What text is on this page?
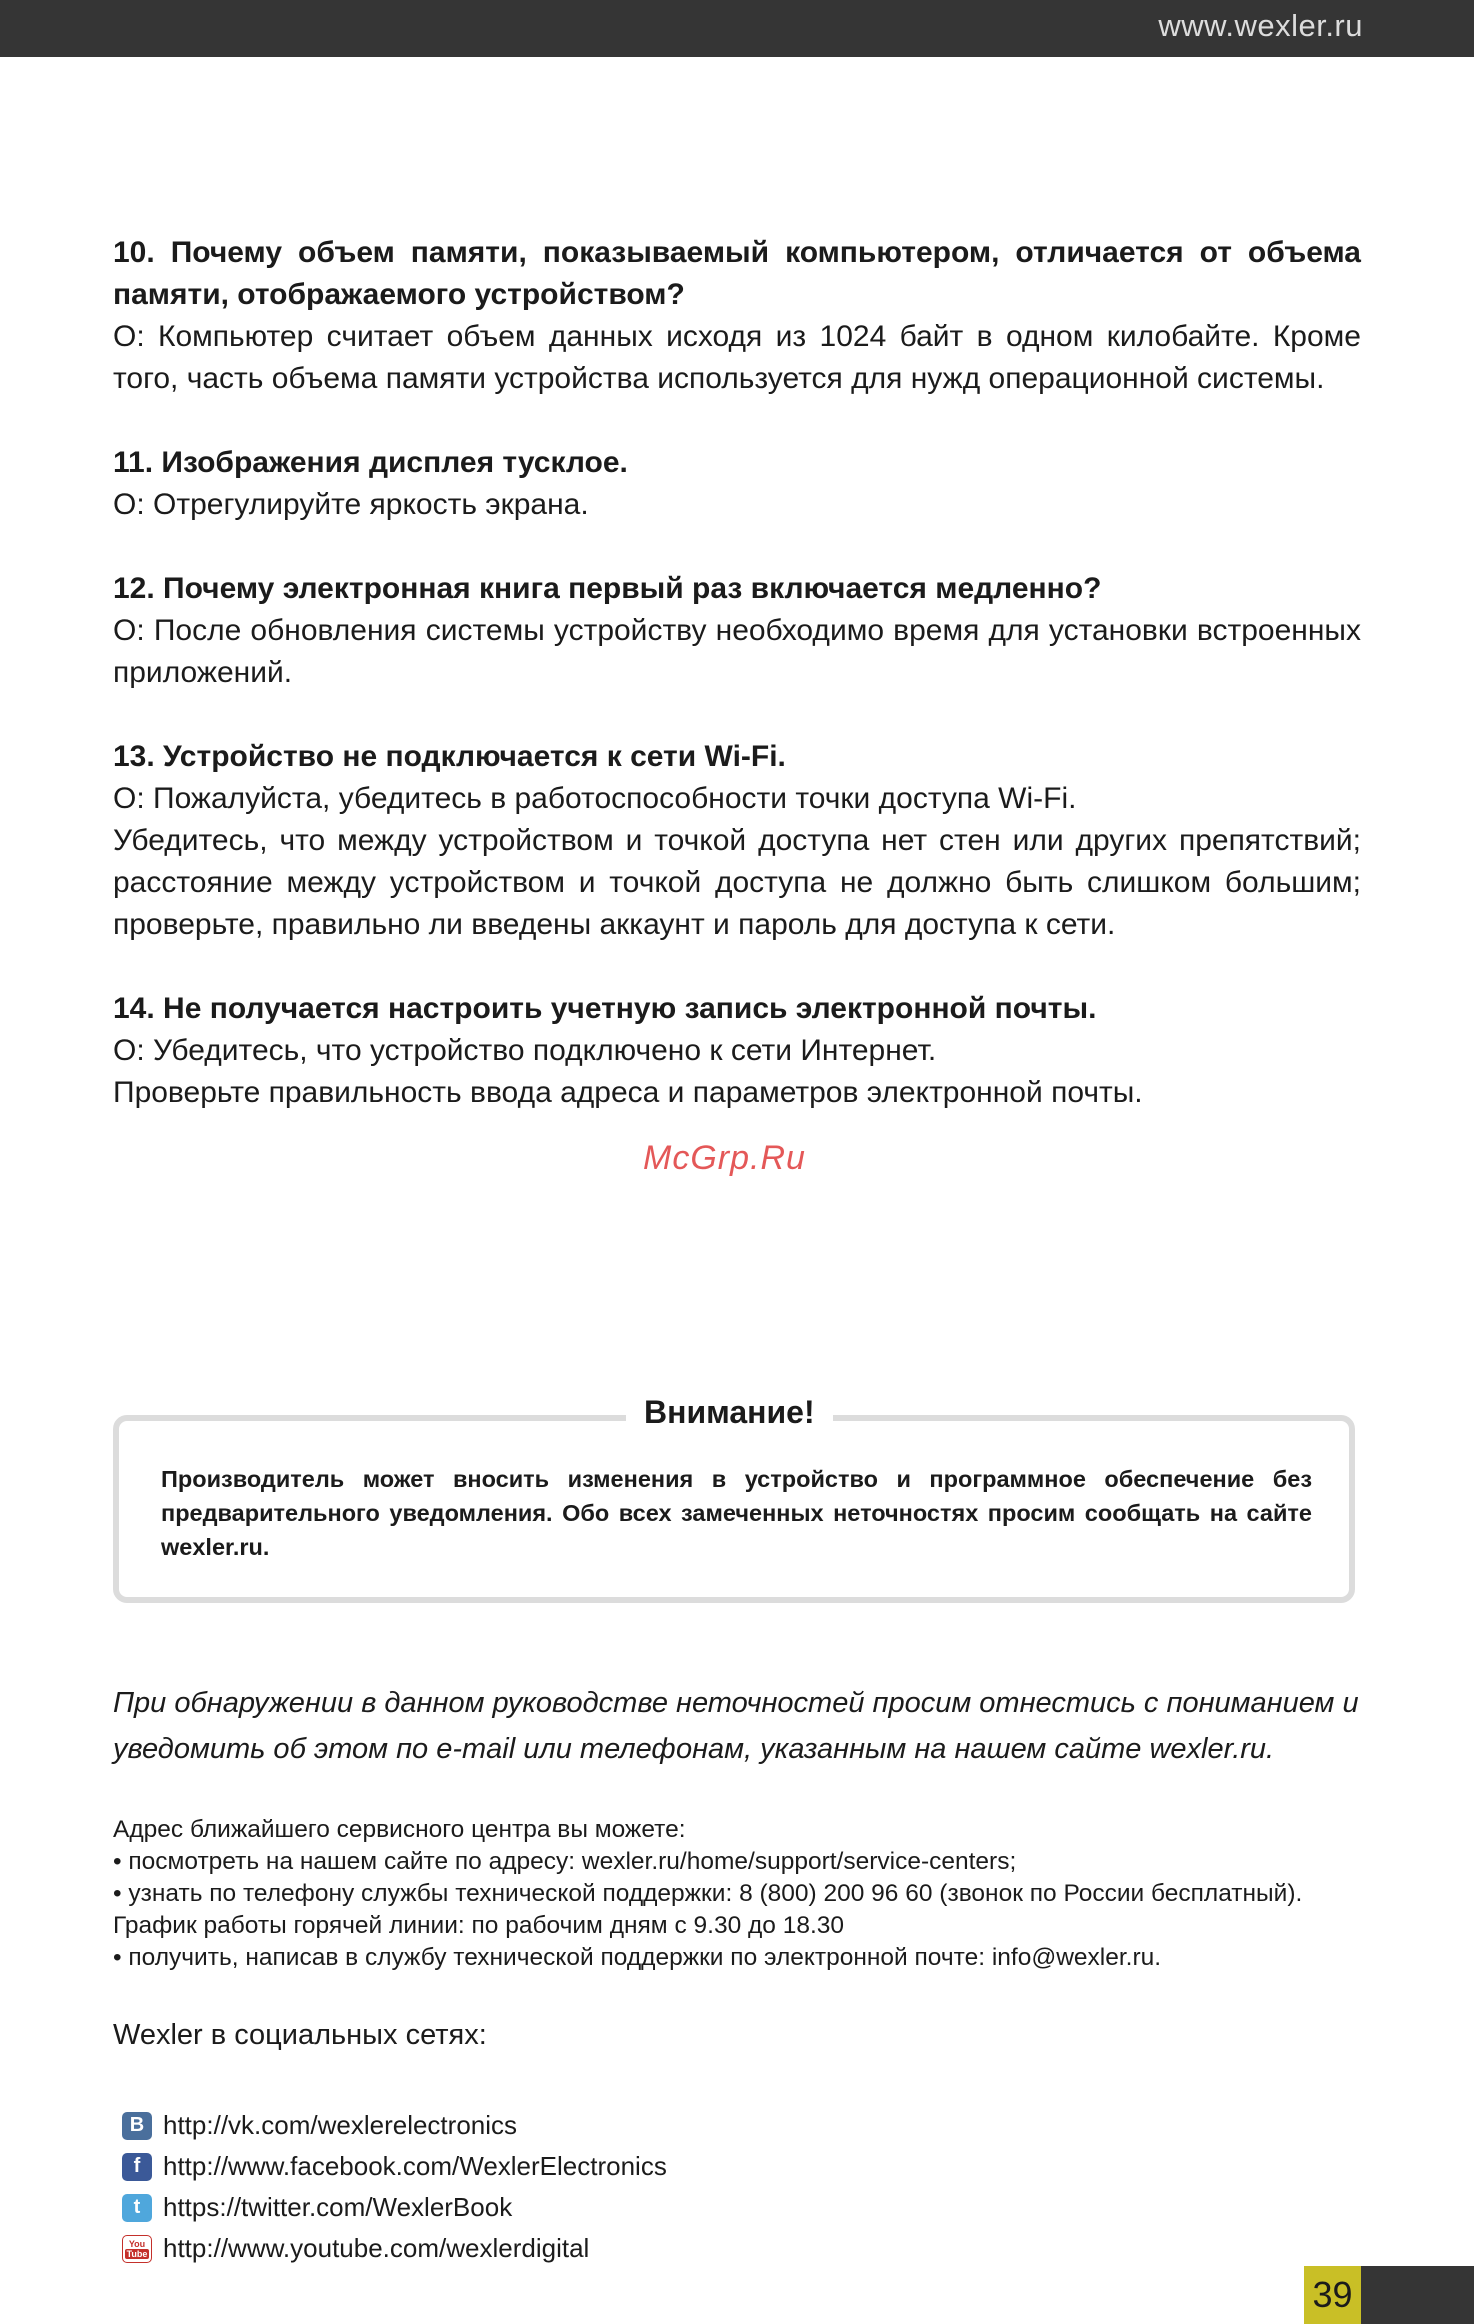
www.wexler.ru

10. Почему объем памяти, показываемый компьютером, отличается от объема памяти, отображаемого устройством?

О: Компьютер считает объем данных исходя из 1024 байт в одном килобайте. Кроме того, часть объема памяти устройства используется для нужд операционной системы.

11. Изображения дисплея тусклое.

О: Отрегулируйте яркость экрана.

12. Почему электронная книга первый раз включается медленно?

О: После обновления системы устройству необходимо время для установки встроенных приложений.

13. Устройство не подключается к сети Wi-Fi.

О: Пожалуйста, убедитесь в работоспособности точки доступа Wi-Fi.

Убедитесь, что между устройством и точкой доступа нет стен или других препятствий; расстояние между устройством и точкой доступа не должно быть слишком большим; проверьте, правильно ли введены аккаунт и пароль для доступа к сети.

14. Не получается настроить учетную запись электронной почты.

О: Убедитесь, что устройство подключено к сети Интернет.

Проверьте правильность ввода адреса и параметров электронной почты.

McGrp.Ru
Внимание!
Производитель может вносить изменения в устройство и программное обеспечение без предварительного уведомления. Обо всех замеченных неточностях просим сообщать на сайте wexler.ru.
При обнаружении в данном руководстве неточностей просим отнестись с пониманием и уведомить об этом по e-mail или телефонам, указанным на нашем сайте wexler.ru.

Адрес ближайшего сервисного центра вы можете:

• посмотреть на нашем сайте по адресу: wexler.ru/home/support/service-centers;

• узнать по телефону службы технической поддержки: 8 (800) 200 96 60 (звонок по России бесплатный). График работы горячей линии: по рабочим дням с 9.30 до 18.30

• получить, написав в службу технической поддержки по электронной почте: info@wexler.ru.

Wexler в социальных сетях:
B http://vk.com/wexlerelectronics
f http://www.facebook.com/WexlerElectronics
t https://twitter.com/WexlerBook
You
Tube http://www.youtube.com/wexlerdigital
39
